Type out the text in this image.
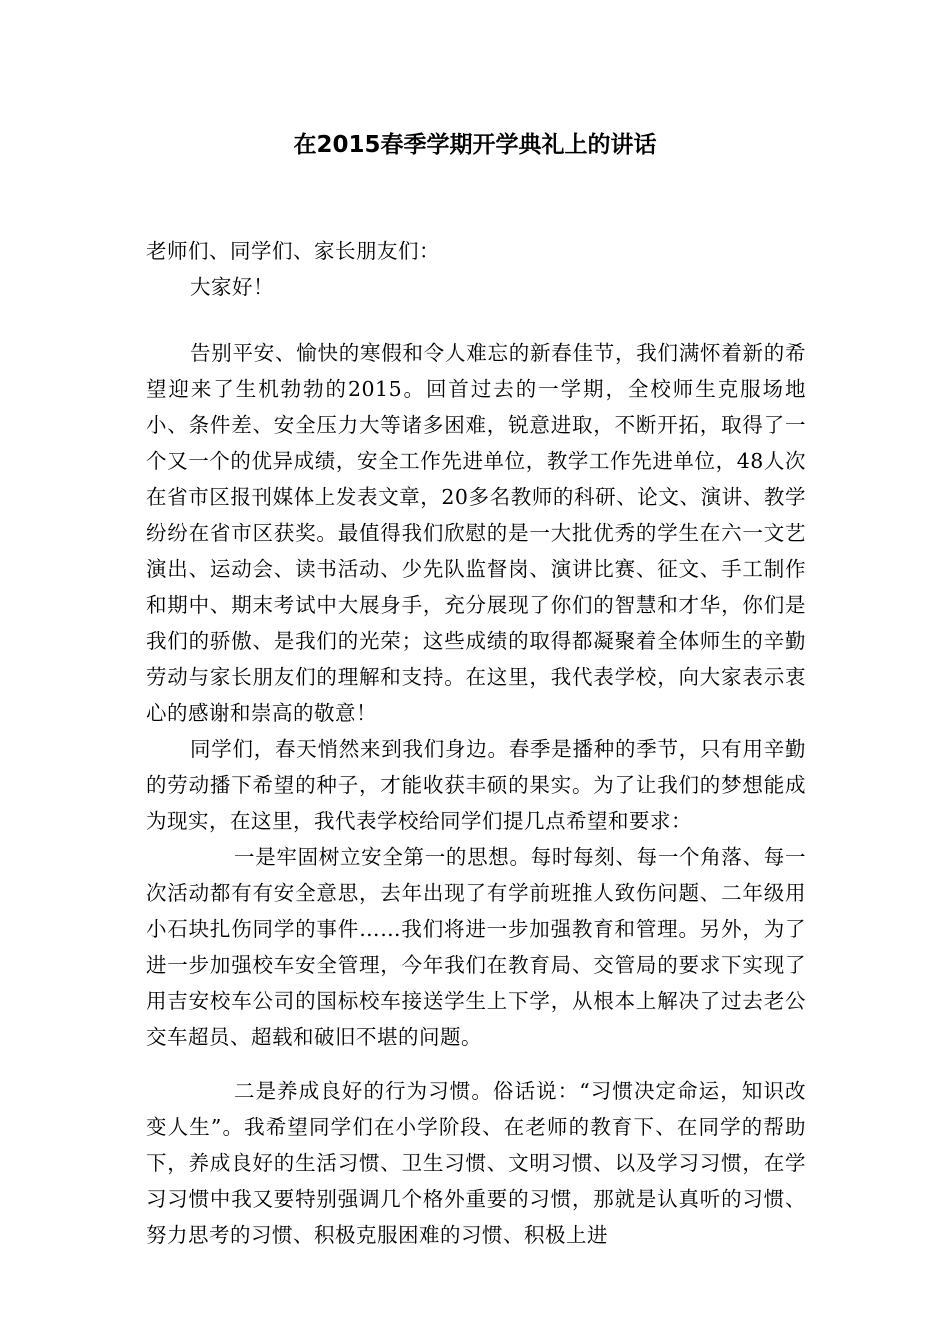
在2015春季学期开学典礼上的讲话

老师们、同学们、家长朋友们：

大家好！

告别平安、愉快的寒假和令人难忘的新春佳节，我们满怀着新的希望迎来了生机勃勃的2015。回首过去的一学期，全校师生克服场地小、条件差、安全压力大等诸多困难，锐意进取，不断开拓，取得了一个又一个的优异成绩，安全工作先进单位，教学工作先进单位，48人次在省市区报刊媒体上发表文章，20多名教师的科研、论文、演讲、教学纷纷在省市区获奖。最值得我们欣慰的是一大批优秀的学生在六一文艺演出、运动会、读书活动、少先队监督岗、演讲比赛、征文、手工制作和期中、期末考试中大展身手，充分展现了你们的智慧和才华，你们是我们的骄傲、是我们的光荣；这些成绩的取得都凝聚着全体师生的辛勤劳动与家长朋友们的理解和支持。在这里，我代表学校，向大家表示衷心的感谢和崇高的敬意！

同学们，春天悄然来到我们身边。春季是播种的季节，只有用辛勤的劳动播下希望的种子，才能收获丰硕的果实。为了让我们的梦想能成为现实，在这里，我代表学校给同学们提几点希望和要求：

一是牢固树立安全第一的思想。每时每刻、每一个角落、每一次活动都有有安全意思，去年出现了有学前班推人致伤问题、二年级用小石块扎伤同学的事件……我们将进一步加强教育和管理。另外，为了进一步加强校车安全管理，今年我们在教育局、交管局的要求下实现了用吉安校车公司的国标校车接送学生上下学，从根本上解决了过去老公交车超员、超载和破旧不堪的问题。

二是养成良好的行为习惯。俗话说：“习惯决定命运，知识改变人生”。我希望同学们在小学阶段、在老师的教育下、在同学的帮助下，养成良好的生活习惯、卫生习惯、文明习惯、以及学习习惯，在学习习惯中我又要特别强调几个格外重要的习惯，那就是认真听的习惯、努力思考的习惯、积极克服困难的习惯、积极上进
